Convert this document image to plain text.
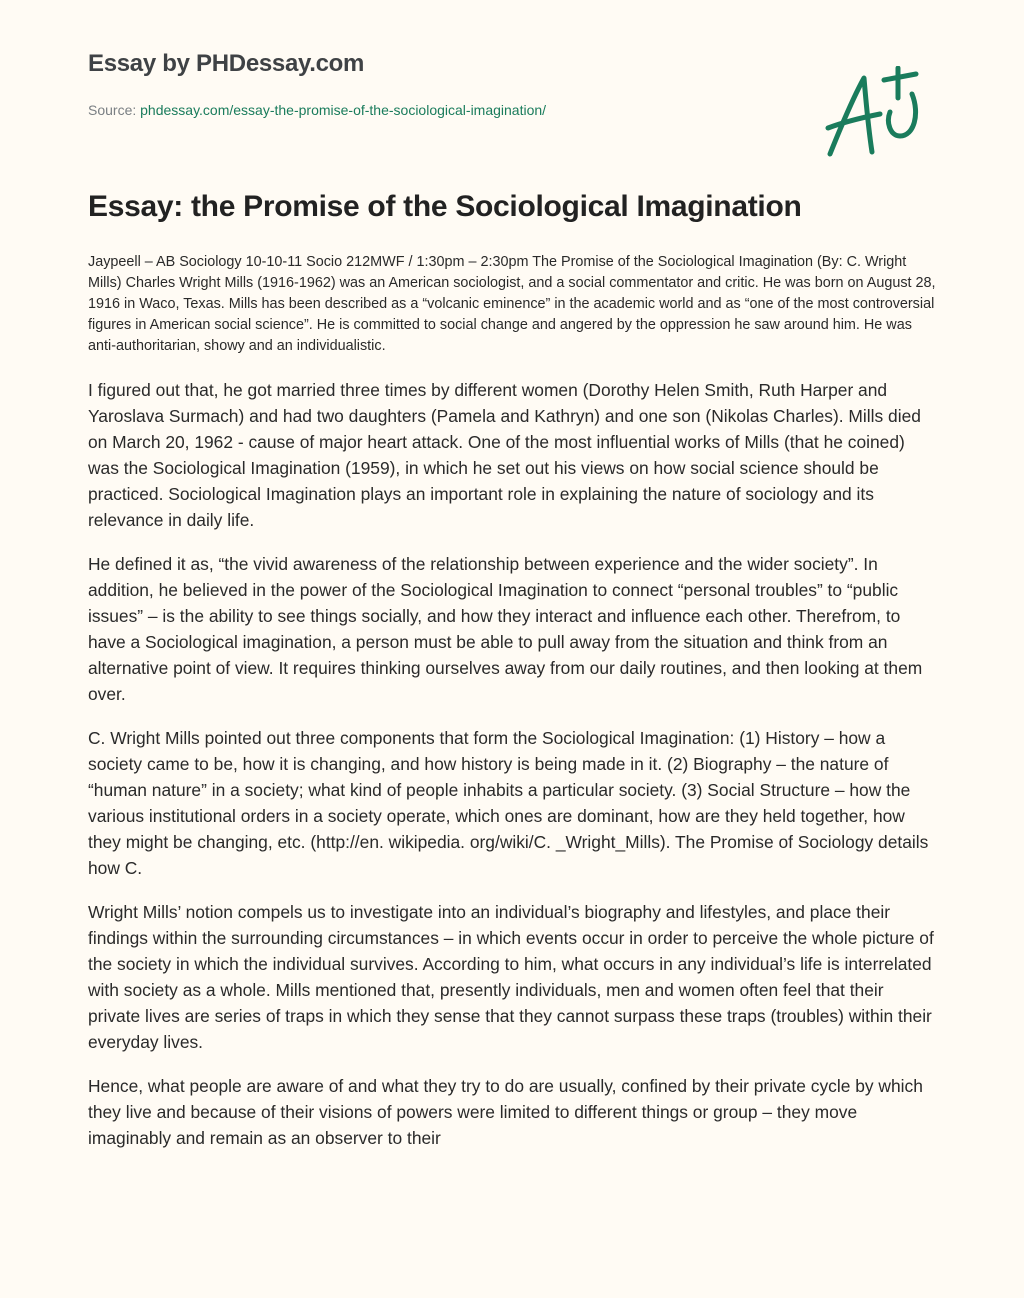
Essay by PHDessay.com
Source: phdessay.com/essay-the-promise-of-the-sociological-imagination/
Essay: the Promise of the Sociological Imagination

Jaypeell – AB Sociology 10-10-11 Socio 212MWF / 1:30pm – 2:30pm The Promise of the Sociological Imagination (By: C. Wright Mills) Charles Wright Mills (1916-1962) was an American sociologist, and a social commentator and critic. He was born on August 28, 1916 in Waco, Texas. Mills has been described as a “volcanic eminence” in the academic world and as “one of the most controversial figures in American social science”. He is committed to social change and angered by the oppression he saw around him. He was anti-authoritarian, showy and an individualistic.

I figured out that, he got married three times by different women (Dorothy Helen Smith, Ruth Harper and Yaroslava Surmach) and had two daughters (Pamela and Kathryn) and one son (Nikolas Charles). Mills died on March 20, 1962 - cause of major heart attack. One of the most influential works of Mills (that he coined) was the Sociological Imagination (1959), in which he set out his views on how social science should be practiced. Sociological Imagination plays an important role in explaining the nature of sociology and its relevance in daily life.

He defined it as, “the vivid awareness of the relationship between experience and the wider society”. In addition, he believed in the power of the Sociological Imagination to connect “personal troubles” to “public issues” – is the ability to see things socially, and how they interact and influence each other. Therefrom, to have a Sociological imagination, a person must be able to pull away from the situation and think from an alternative point of view. It requires thinking ourselves away from our daily routines, and then looking at them over.

C. Wright Mills pointed out three components that form the Sociological Imagination: (1) History – how a society came to be, how it is changing, and how history is being made in it. (2) Biography – the nature of “human nature” in a society; what kind of people inhabits a particular society. (3) Social Structure – how the various institutional orders in a society operate, which ones are dominant, how are they held together, how they might be changing, etc. (http://en. wikipedia. org/wiki/C. _Wright_Mills). The Promise of Sociology details how C.

Wright Mills’ notion compels us to investigate into an individual’s biography and lifestyles, and place their findings within the surrounding circumstances – in which events occur in order to perceive the whole picture of the society in which the individual survives. According to him, what occurs in any individual’s life is interrelated with society as a whole. Mills mentioned that, presently individuals, men and women often feel that their private lives are series of traps in which they sense that they cannot surpass these traps (troubles) within their everyday lives.

Hence, what people are aware of and what they try to do are usually, confined by their private cycle by which they live and because of their visions of powers were limited to different things or group – they move imaginably and remain as an observer to their
